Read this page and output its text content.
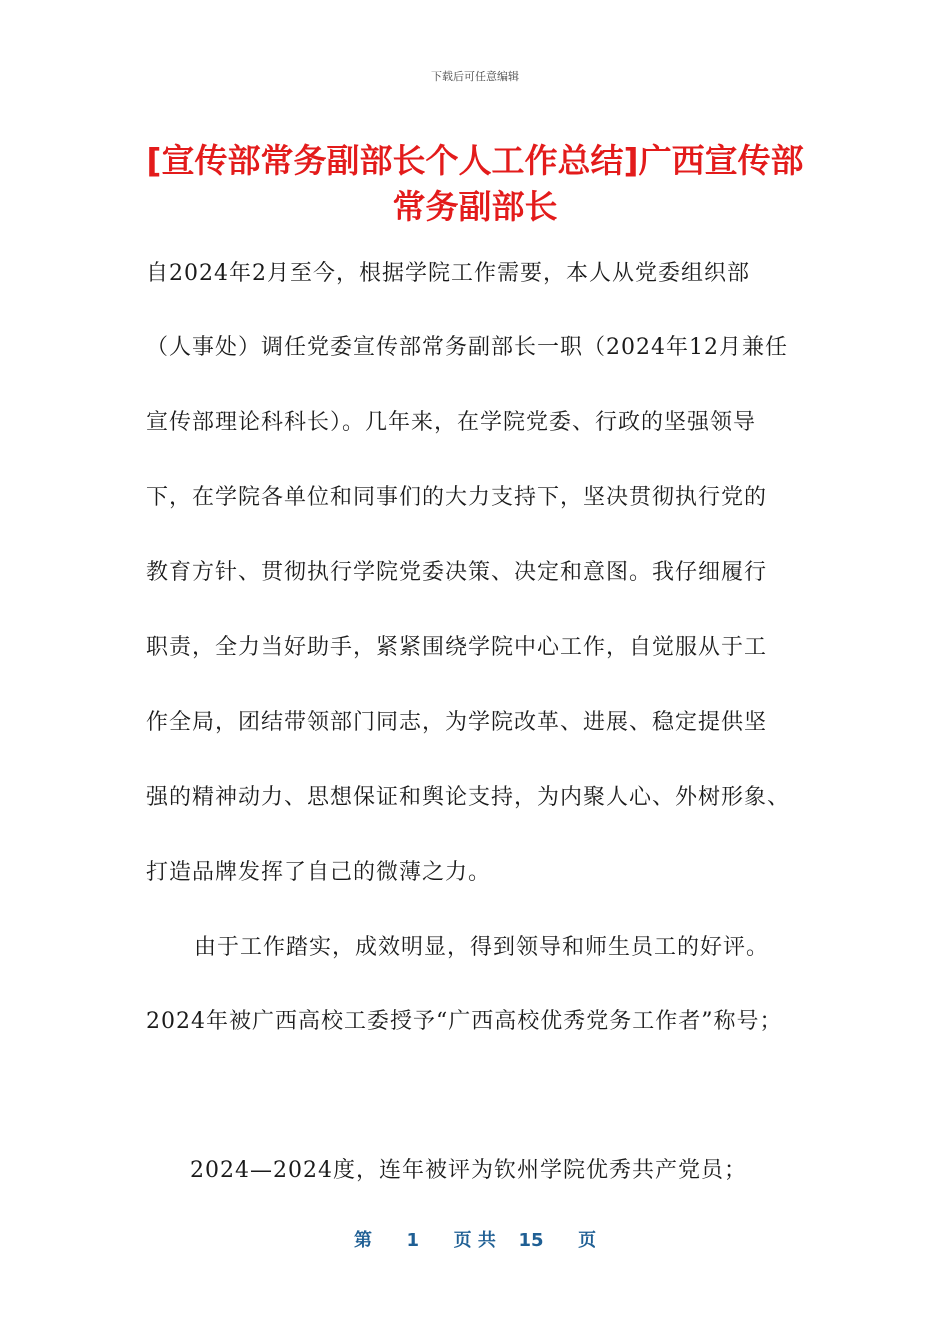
下载后可任意编辑
[宣传部常务副部长个人工作总结]广西宣传部常务副部长
自2024年2月至今，根据学院工作需要，本人从党委组织部
（人事处）调任党委宣传部常务副部长一职（2024年12月兼任
宣传部理论科科长）。几年来，在学院党委、行政的坚强领导
下，在学院各单位和同事们的大力支持下，坚决贯彻执行党的
教育方针、贯彻执行学院党委决策、决定和意图。我仔细履行
职责，全力当好助手，紧紧围绕学院中心工作，自觉服从于工
作全局，团结带领部门同志，为学院改革、进展、稳定提供坚
强的精神动力、思想保证和舆论支持，为内聚人心、外树形象、
打造品牌发挥了自己的微薄之力。
由于工作踏实，成效明显，得到领导和师生员工的好评。
2024年被广西高校工委授予“广西高校优秀党务工作者”称号；
2024—2024度，连年被评为钦州学院优秀共产党员；
第 1 页 共 15 页
